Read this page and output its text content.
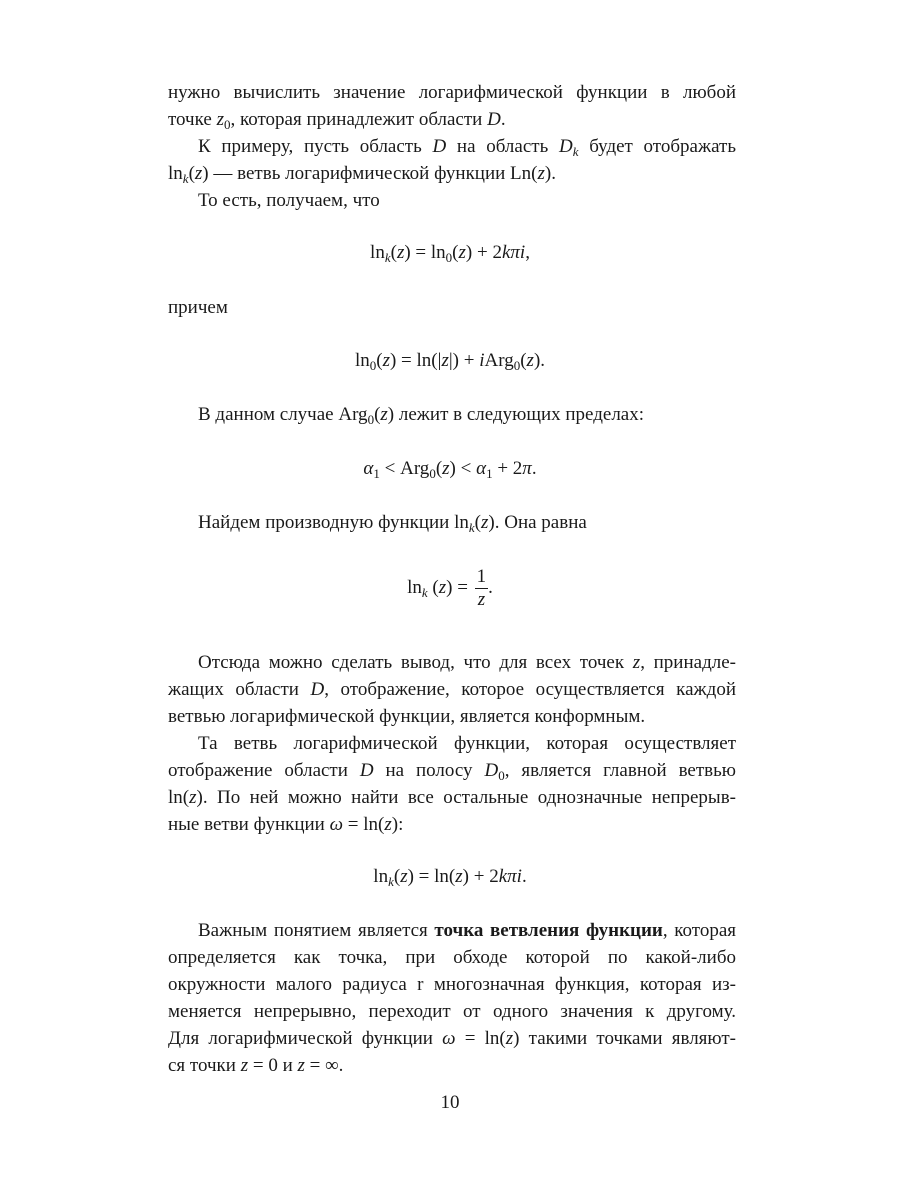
нужно вычислить значение логарифмической функции в любой
точке $z_0$, которая принадлежит области D.
К примеру, пусть область D на область $D_k$ будет отображать
$\ln_k(z)$ — ветвь логарифмической функции Ln(z).
То есть, получаем, что
$\ln_k(z) = \ln_0(z) + 2k\pi i$,
причем
$\ln_0(z) = \ln(|z|)$ + iArg$_0$(z).
В данном случае Arg$_0$(z) лежит в следующих пределах:
$\alpha_1 < Arg_0(z) < \alpha_1 + 2\pi$.
Найдем производную функции $\ln_k(z)$. Она равна
$\ln_k (z) = \frac{1}{z}$ .
Отсюда можно сделать вывод, что для всех точек z, принадле-
жащих области D, отображение, которое осуществляется каждой
ветвью логарифмической функции, является конформным.
Та ветвь логарифмической функции, которая осуществляет
отображение области D на полосу $D_0$, является главной ветвью
ln(z). По ней можно найти все остальные однозначные непрерыв-
ные ветви функции ω = ln(z):
$\ln_k(z) = \ln(z) + 2k\pi i$.
Важным понятием является точка ветвления функции, которая
определяется как точка, при обходе которой по какой-либо
окружности малого радиуса r многозначная функция, которая из-
меняется непрерывно, переходит от одного значения к другому.
Для логарифмической функции ω = ln(z) такими точками являют-
ся точки z = 0 и z = ∞.
10
